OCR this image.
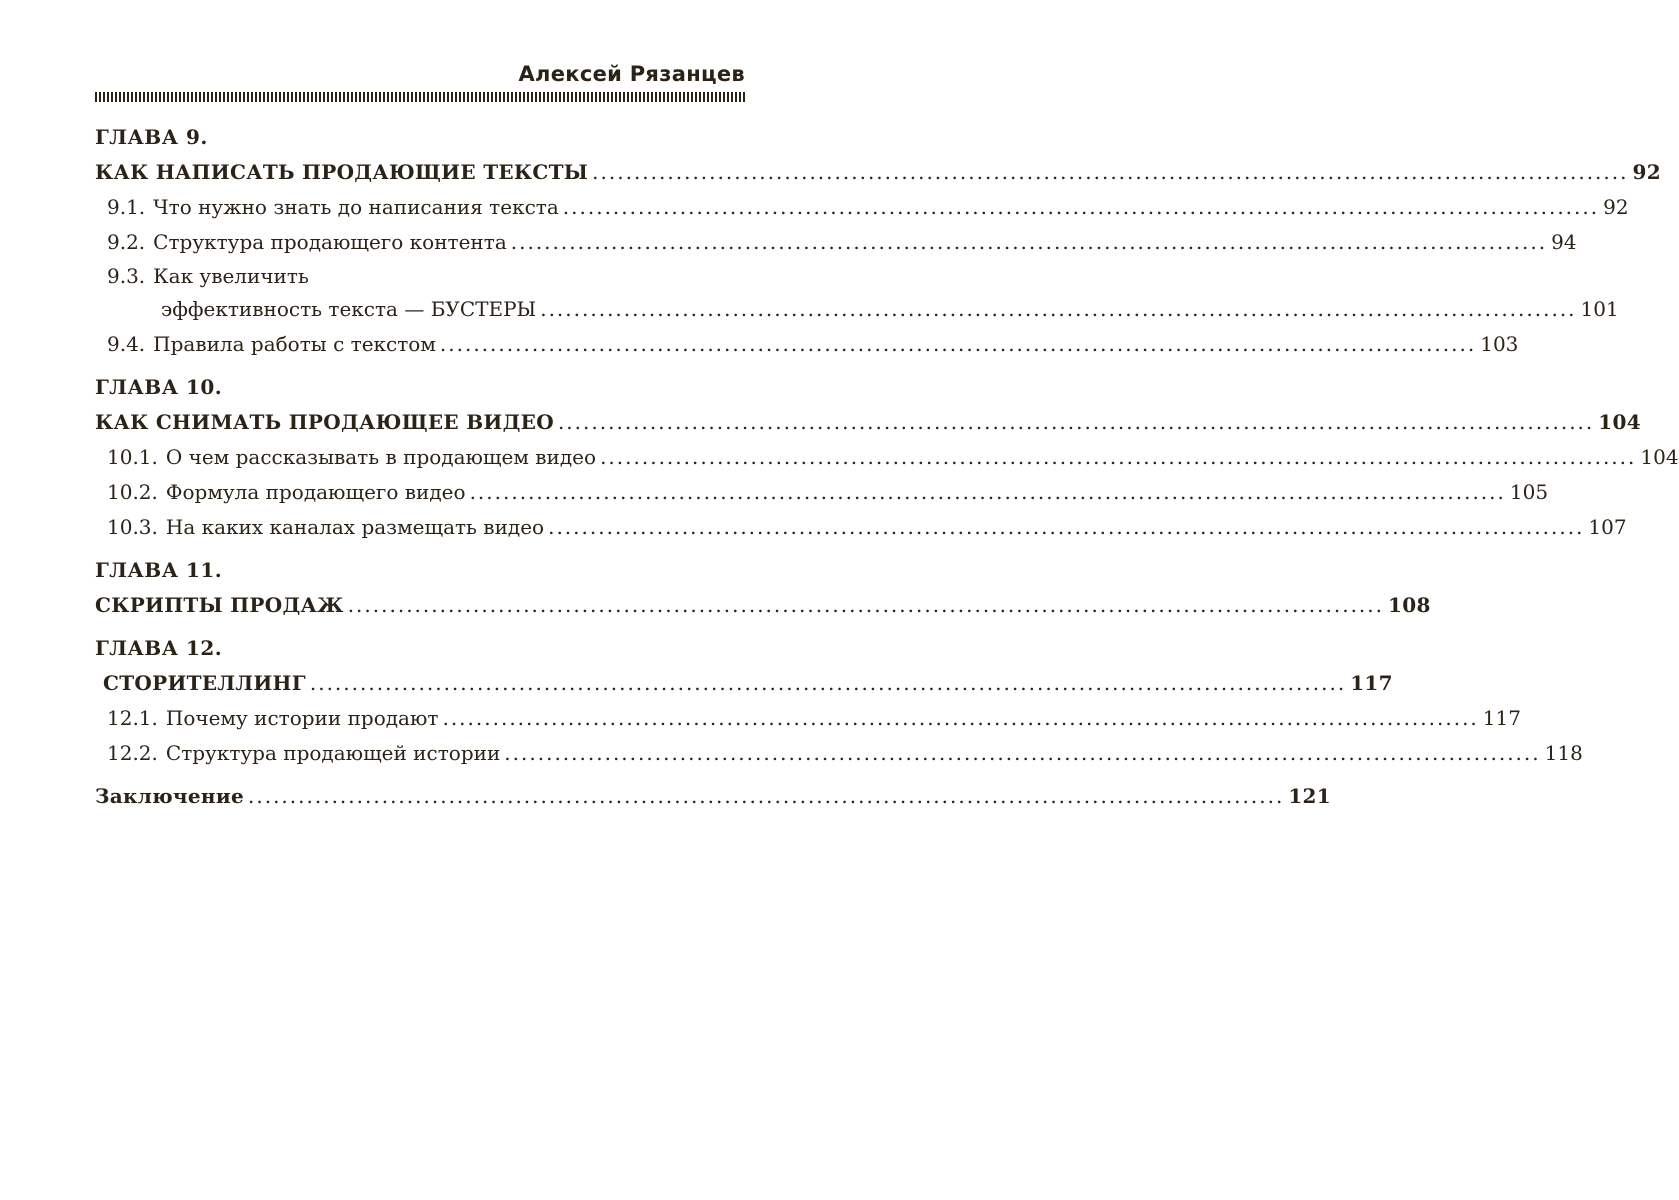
Алексей Рязанцев
ГЛАВА 9.
КАК НАПИСАТЬ ПРОДАЮЩИЕ ТЕКСТЫ ............................................................................................................................ 92
9.1. Что нужно знать до написания текста ............................................................................................................................ 92
9.2. Структура продающего контента ............................................................................................................................ 94
9.3. Как увеличить
эффективность текста — БУСТЕРЫ ............................................................................................................................ 101
9.4. Правила работы с текстом ............................................................................................................................ 103
ГЛАВА 10.
КАК СНИМАТЬ ПРОДАЮЩЕЕ ВИДЕО ............................................................................................................................ 104
10.1. О чем рассказывать в продающем видео ............................................................................................................................ 104
10.2. Формула продающего видео ............................................................................................................................ 105
10.3. На каких каналах размещать видео ............................................................................................................................ 107
ГЛАВА 11.
СКРИПТЫ ПРОДАЖ ............................................................................................................................ 108
ГЛАВА 12.
СТОРИТЕЛЛИНГ ............................................................................................................................ 117
12.1. Почему истории продают ............................................................................................................................ 117
12.2. Структура продающей истории ............................................................................................................................ 118
Заключение ............................................................................................................................ 121
